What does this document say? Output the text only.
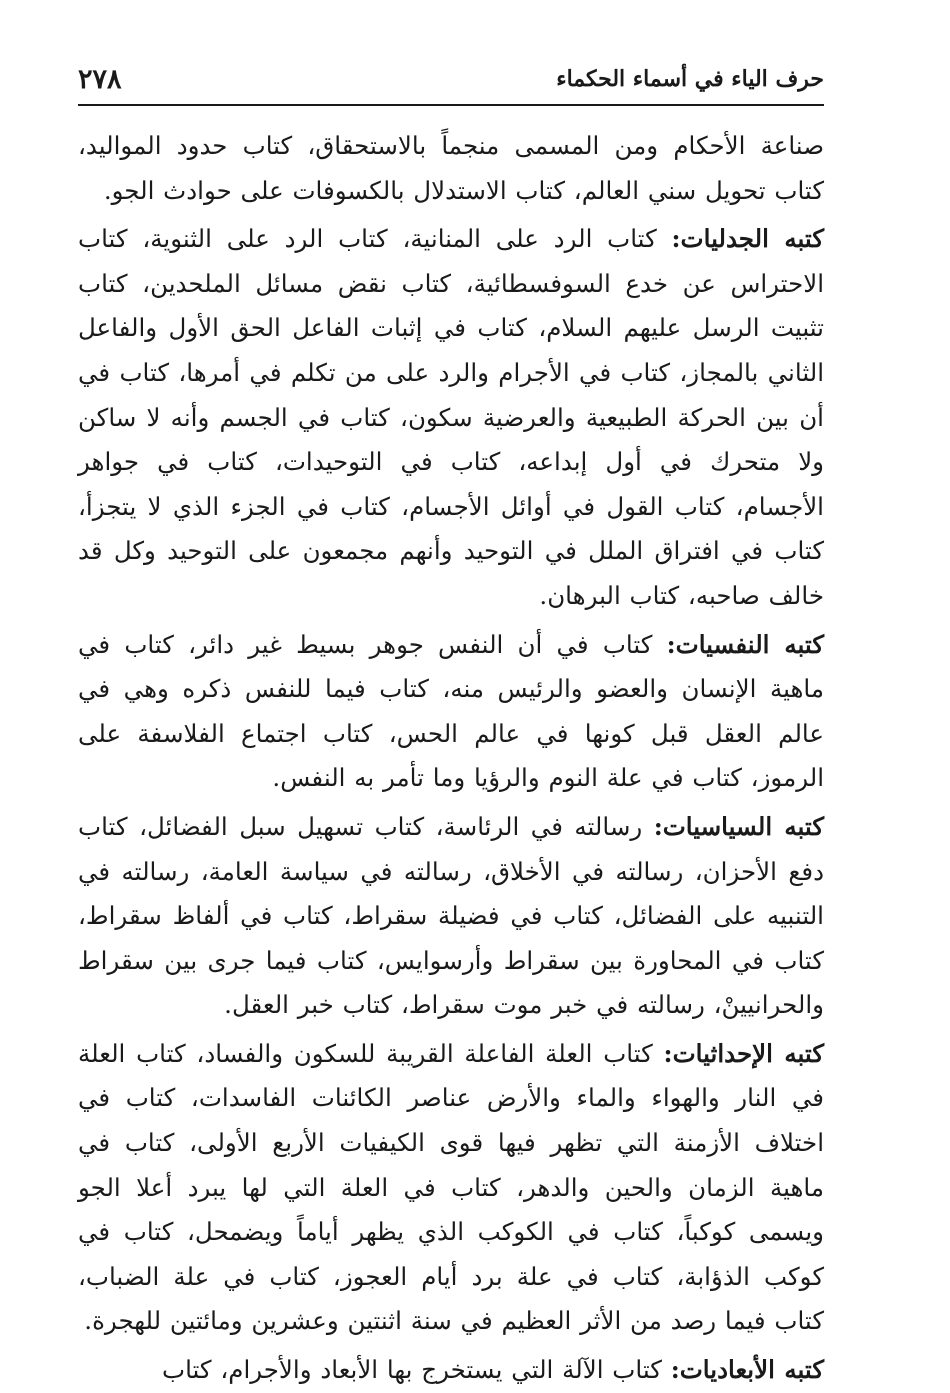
حرف الياء في أسماء الحكماء
٢٧٨

صناعة الأحكام ومن المسمى منجماً بالاستحقاق، كتاب حدود المواليد، كتاب تحويل سني العالم، كتاب الاستدلال بالكسوفات على حوادث الجو.

كتبه الجدليات: كتاب الرد على المنانية، كتاب الرد على الثنوية، كتاب الاحتراس عن خدع السوفسطائية، كتاب نقض مسائل الملحدين، كتاب تثبيت الرسل عليهم السلام، كتاب في إثبات الفاعل الحق الأول والفاعل الثاني بالمجاز، كتاب في الأجرام والرد على من تكلم في أمرها، كتاب في أن بين الحركة الطبيعية والعرضية سكون، كتاب في الجسم وأنه لا ساكن ولا متحرك في أول إبداعه، كتاب في التوحيدات، كتاب في جواهر الأجسام، كتاب القول في أوائل الأجسام، كتاب في الجزء الذي لا يتجزأ، كتاب في افتراق الملل في التوحيد وأنهم مجمعون على التوحيد وكل قد خالف صاحبه، كتاب البرهان.

كتبه النفسيات: كتاب في أن النفس جوهر بسيط غير دائر، كتاب في ماهية الإنسان والعضو والرئيس منه، كتاب فيما للنفس ذكره وهي في عالم العقل قبل كونها في عالم الحس، كتاب اجتماع الفلاسفة على الرموز، كتاب في علة النوم والرؤيا وما تأمر به النفس.

كتبه السياسيات: رسالته في الرئاسة، كتاب تسهيل سبل الفضائل، كتاب دفع الأحزان، رسالته في الأخلاق، رسالته في سياسة العامة، رسالته في التنبيه على الفضائل، كتاب في فضيلة سقراط، كتاب في ألفاظ سقراط، كتاب في المحاورة بين سقراط وأرسوايس، كتاب فيما جرى بين سقراط والحرانيينْ، رسالته في خبر موت سقراط، كتاب خبر العقل.

كتبه الإحداثيات: كتاب العلة الفاعلة القريبة للسكون والفساد، كتاب العلة في النار والهواء والماء والأرض عناصر الكائنات الفاسدات، كتاب في اختلاف الأزمنة التي تظهر فيها قوى الكيفيات الأربع الأولى، كتاب في ماهية الزمان والحين والدهر، كتاب في العلة التي لها يبرد أعلا الجو ويسمى كوكباً، كتاب في الكوكب الذي يظهر أياماً ويضمحل، كتاب في كوكب الذؤابة، كتاب في علة برد أيام العجوز، كتاب في علة الضباب، كتاب فيما رصد من الأثر العظيم في سنة اثنتين وعشرين ومائتين للهجرة.

كتبه الأبعاديات: كتاب الآلة التي يستخرج بها الأبعاد والأجرام، كتاب
